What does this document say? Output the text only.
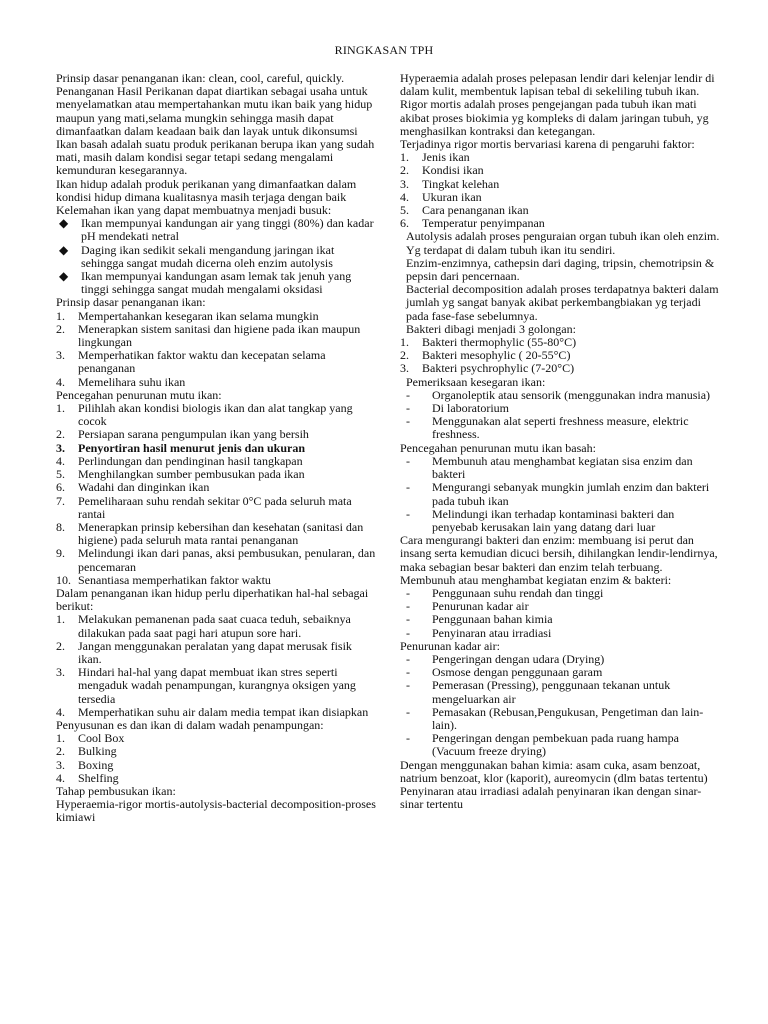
RINGKASAN TPH

Prinsip dasar penanganan ikan: clean, cool, careful, quickly.

Penanganan Hasil Perikanan dapat diartikan sebagai usaha untuk menyelamatkan atau mempertahankan mutu ikan baik yang hidup maupun yang mati,selama mungkin sehingga masih dapat dimanfaatkan dalam keadaan baik dan layak untuk dikonsumsi

Ikan basah adalah suatu produk perikanan berupa ikan yang sudah mati, masih dalam kondisi segar tetapi sedang mengalami kemunduran kesegarannya.

Ikan hidup adalah produk perikanan yang dimanfaatkan dalam kondisi hidup dimana kualitasnya masih terjaga dengan baik

Kelemahan ikan yang dapat membuatnya menjadi busuk:

◆	Ikan mempunyai kandungan air yang tinggi (80%) dan kadar pH mendekati netral
◆	Daging ikan sedikit sekali mengandung jaringan ikat sehingga sangat mudah dicerna oleh enzim autolysis
◆	Ikan mempunyai kandungan asam lemak tak jenuh yang tinggi sehingga sangat mudah mengalami oksidasi

Prinsip dasar penanganan ikan:

1.	Mempertahankan kesegaran ikan selama mungkin
2.	Menerapkan sistem sanitasi dan higiene pada ikan maupun lingkungan
3.	Memperhatikan faktor waktu dan kecepatan selama penanganan
4.	Memelihara suhu ikan

Pencegahan penurunan mutu ikan:

1.	Pilihlah akan kondisi biologis ikan dan alat tangkap yang cocok
2.	Persiapan sarana pengumpulan ikan yang bersih
3.	Penyortiran hasil menurut jenis dan ukuran
4.	Perlindungan dan pendinginan hasil tangkapan
5.	Menghilangkan sumber pembusukan pada ikan
6.	Wadahi dan dinginkan ikan
7.	Pemeliharaan suhu rendah sekitar 0°C pada seluruh mata rantai
8.	Menerapkan prinsip kebersihan dan kesehatan (sanitasi dan higiene) pada seluruh mata rantai penanganan
9.	Melindungi ikan dari panas, aksi pembusukan, penularan, dan pencemaran
10. Senantiasa memperhatikan faktor waktu

Dalam penanganan ikan hidup perlu diperhatikan hal-hal sebagai berikut:

1.	Melakukan pemanenan pada saat cuaca teduh, sebaiknya dilakukan pada saat pagi hari atupun sore hari.
2.	Jangan menggunakan peralatan yang dapat merusak fisik ikan.
3.	Hindari hal-hal yang dapat membuat ikan stres seperti mengaduk wadah penampungan, kurangnya oksigen yang tersedia
4.	Memperhatikan suhu air dalam media tempat ikan disiapkan

Penyusunan es dan ikan di dalam wadah penampungan:

1.	Cool Box
2.	Bulking
3.	Boxing
4.	Shelfing

Tahap pembusukan ikan:

Hyperaemia-rigor mortis-autolysis-bacterial decomposition-proses kimiawi

Hyperaemia adalah proses pelepasan lendir dari kelenjar lendir di dalam kulit, membentuk lapisan tebal di sekeliling tubuh ikan.

Rigor mortis adalah proses pengejangan pada tubuh ikan mati akibat proses biokimia yg kompleks di dalam jaringan tubuh, yg menghasilkan kontraksi dan ketegangan.

Terjadinya rigor mortis bervariasi karena di pengaruhi faktor:

1.	Jenis ikan
2.	Kondisi ikan
3.	Tingkat kelehan
4.	Ukuran ikan
5.	Cara penanganan ikan
6.	Temperatur penyimpanan

Autolysis adalah proses penguraian organ tubuh ikan oleh enzim. Yg terdapat di dalam tubuh ikan itu sendiri.

Enzim-enzimnya, cathepsin dari daging, tripsin, chemotripsin & pepsin dari pencernaan.

Bacterial decomposition adalah proses terdapatnya bakteri dalam jumlah yg sangat banyak akibat perkembangbiakan yg terjadi pada fase-fase sebelumnya.

Bakteri dibagi menjadi 3 golongan:

1.	Bakteri thermophylic (55-80°C)
2.	Bakteri mesophylic ( 20-55°C)
3.	Bakteri psychrophylic (7-20°C)

Pemeriksaan kesegaran ikan:

-	Organoleptik atau sensorik (menggunakan indra manusia)
-	Di laboratorium
-	Menggunakan alat seperti freshness measure, elektric freshness.

Pencegahan penurunan mutu ikan basah:

-	Membunuh atau menghambat kegiatan sisa enzim dan bakteri
-	Mengurangi sebanyak mungkin jumlah enzim dan bakteri pada tubuh ikan
-	Melindungi ikan terhadap kontaminasi bakteri dan penyebab kerusakan lain yang datang dari luar

Cara mengurangi bakteri dan enzim: membuang isi perut dan insang serta kemudian dicuci bersih, dihilangkan lendir-lendirnya, maka sebagian besar bakteri dan enzim telah terbuang.

Membunuh atau menghambat kegiatan enzim & bakteri:

-	Penggunaan suhu rendah dan tinggi
-	Penurunan kadar air
-	Penggunaan bahan kimia
-	Penyinaran atau irradiasi

Penurunan kadar air:

-	Pengeringan dengan udara (Drying)
-	Osmose dengan penggunaan garam
-	Pemerasan (Pressing), penggunaan tekanan untuk mengeluarkan air
-	Pemasakan (Rebusan,Pengukusan, Pengetiman dan lain-lain).
-	Pengeringan dengan pembekuan pada ruang hampa (Vacuum freeze drying)

Dengan menggunakan bahan kimia: asam cuka, asam benzoat, natrium benzoat, klor (kaporit), aureomycin (dlm batas tertentu)

Penyinaran atau irradiasi adalah penyinaran ikan dengan sinar-sinar tertentu
